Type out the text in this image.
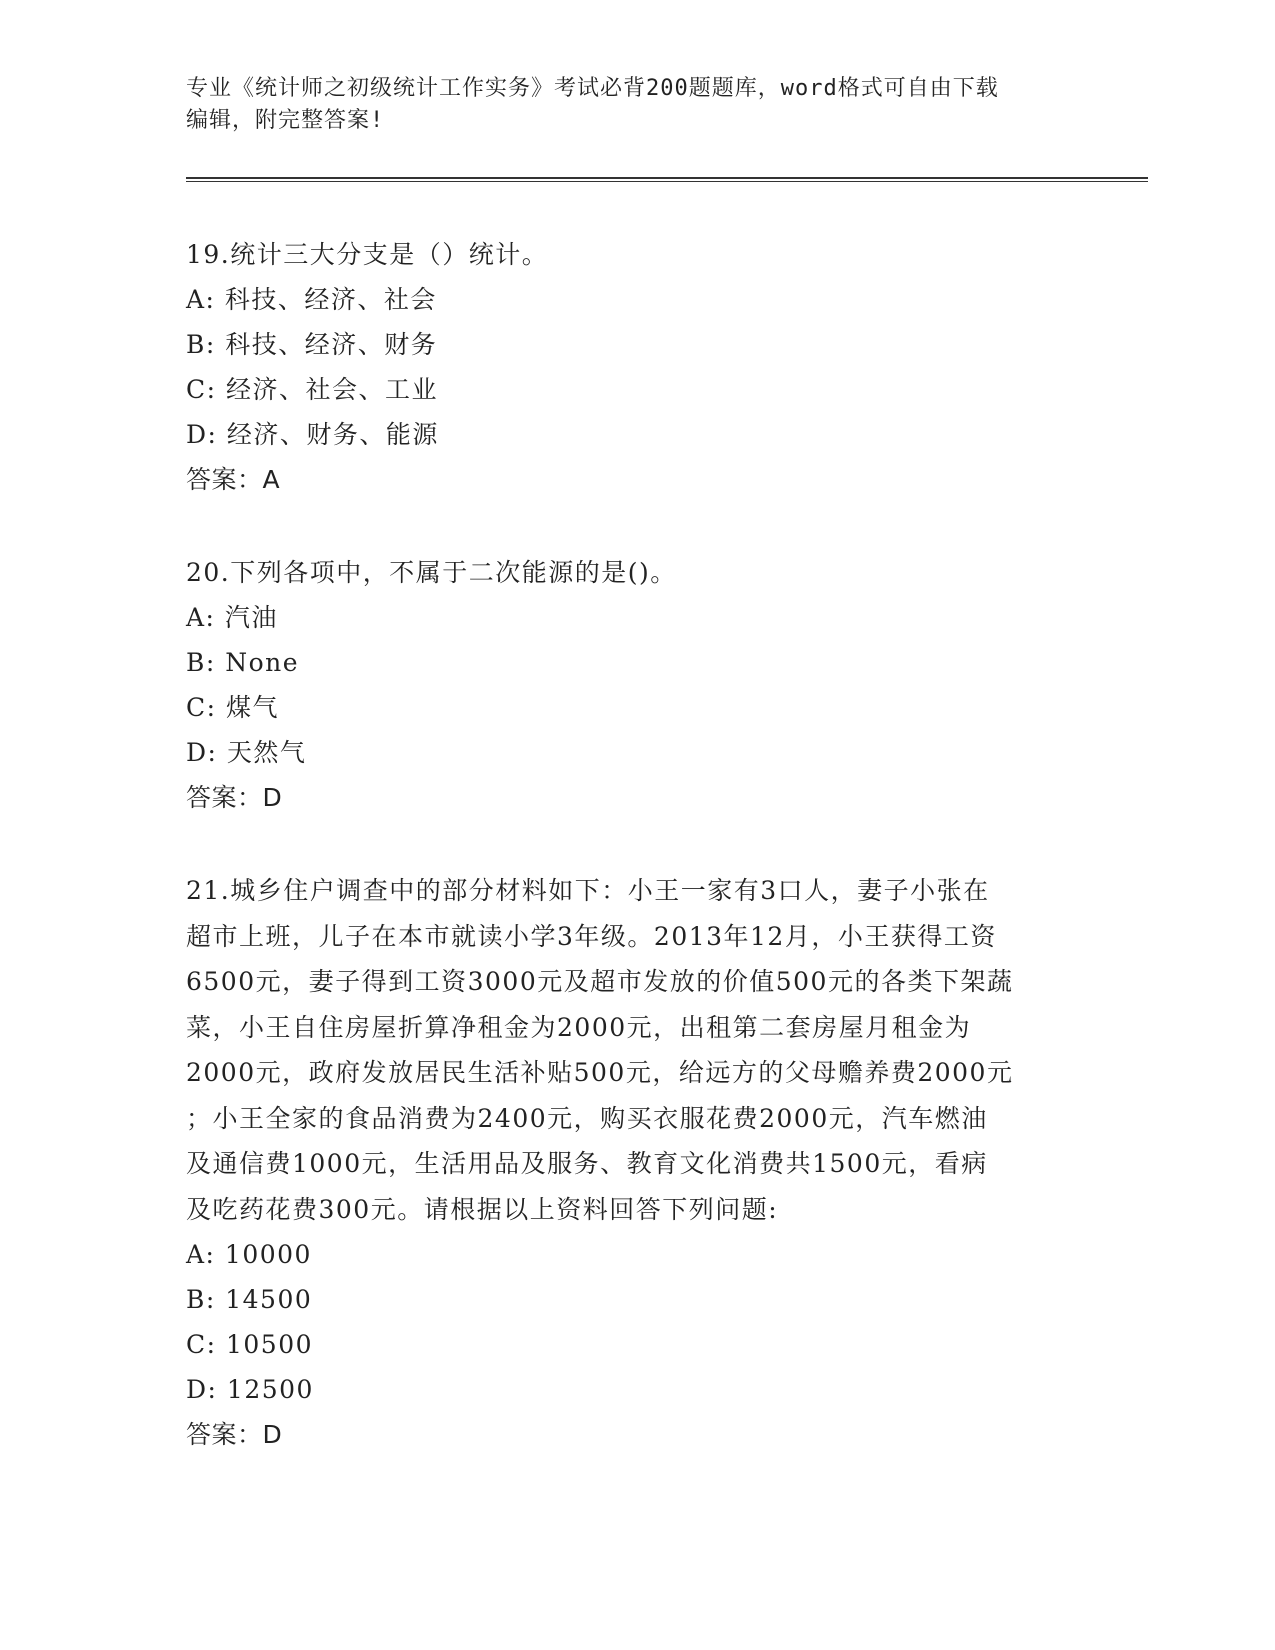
专业《统计师之初级统计工作实务》考试必背200题题库，word格式可自由下载
编辑，附完整答案!
19.统计三大分支是（）统计。
A: 科技、经济、社会
B: 科技、经济、财务
C: 经济、社会、工业
D: 经济、财务、能源
答案：A
20.下列各项中，不属于二次能源的是()。
A: 汽油
B: None
C: 煤气
D: 天然气
答案：D
21.城乡住户调查中的部分材料如下：小王一家有3口人，妻子小张在
超市上班，儿子在本市就读小学3年级。2013年12月，小王获得工资
6500元，妻子得到工资3000元及超市发放的价值500元的各类下架蔬
菜，小王自住房屋折算净租金为2000元，出租第二套房屋月租金为
2000元，政府发放居民生活补贴500元，给远方的父母赡养费2000元
；小王全家的食品消费为2400元，购买衣服花费2000元，汽车燃油
及通信费1000元，生活用品及服务、教育文化消费共1500元，看病
及吃药花费300元。请根据以上资料回答下列问题:
A: 10000
B: 14500
C: 10500
D: 12500
答案：D
